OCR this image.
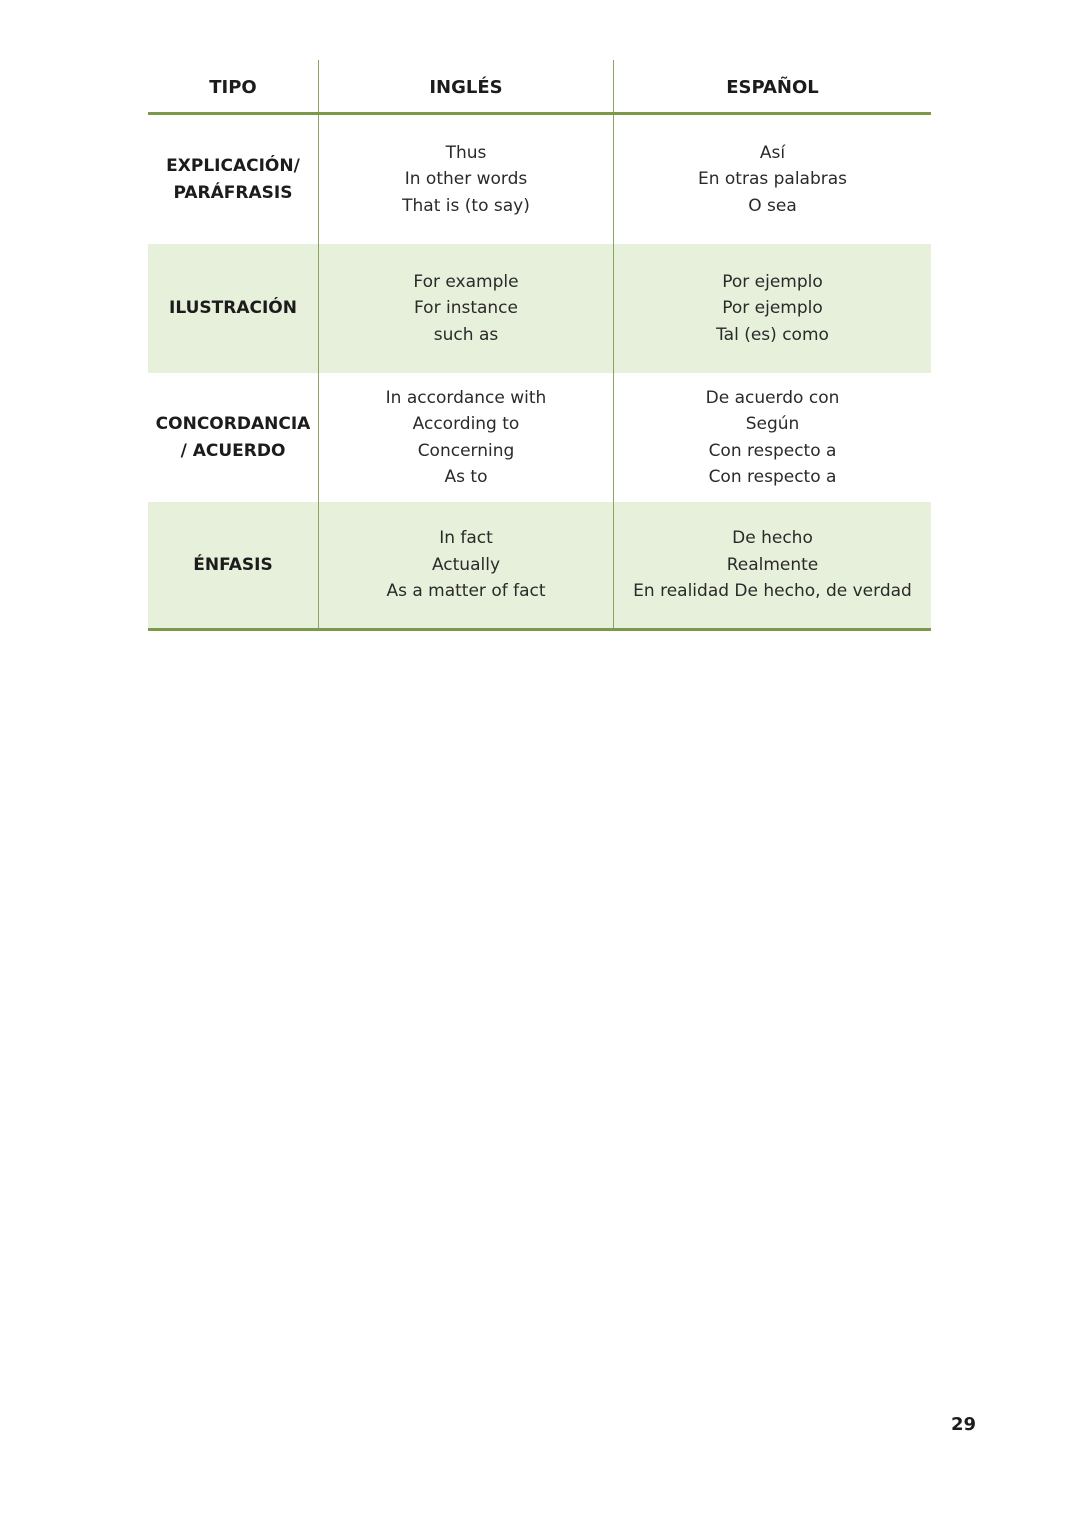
TIPO	INGLÉS	ESPAÑOL
EXPLICACIÓN/
PARÁFRASIS
Thus
In other words
That is (to say)
Así
En otras palabras
O sea
ILUSTRACIÓN
For example
For instance
such as
Por ejemplo
Por ejemplo
Tal (es) como
CONCORDANCIA
/ ACUERDO
In accordance with
According to
Concerning
As to
De acuerdo con
Según
Con respecto a
Con respecto a
ÉNFASIS
In fact
Actually
As a matter of fact
De hecho
Realmente
En realidad De hecho, de verdad
29
